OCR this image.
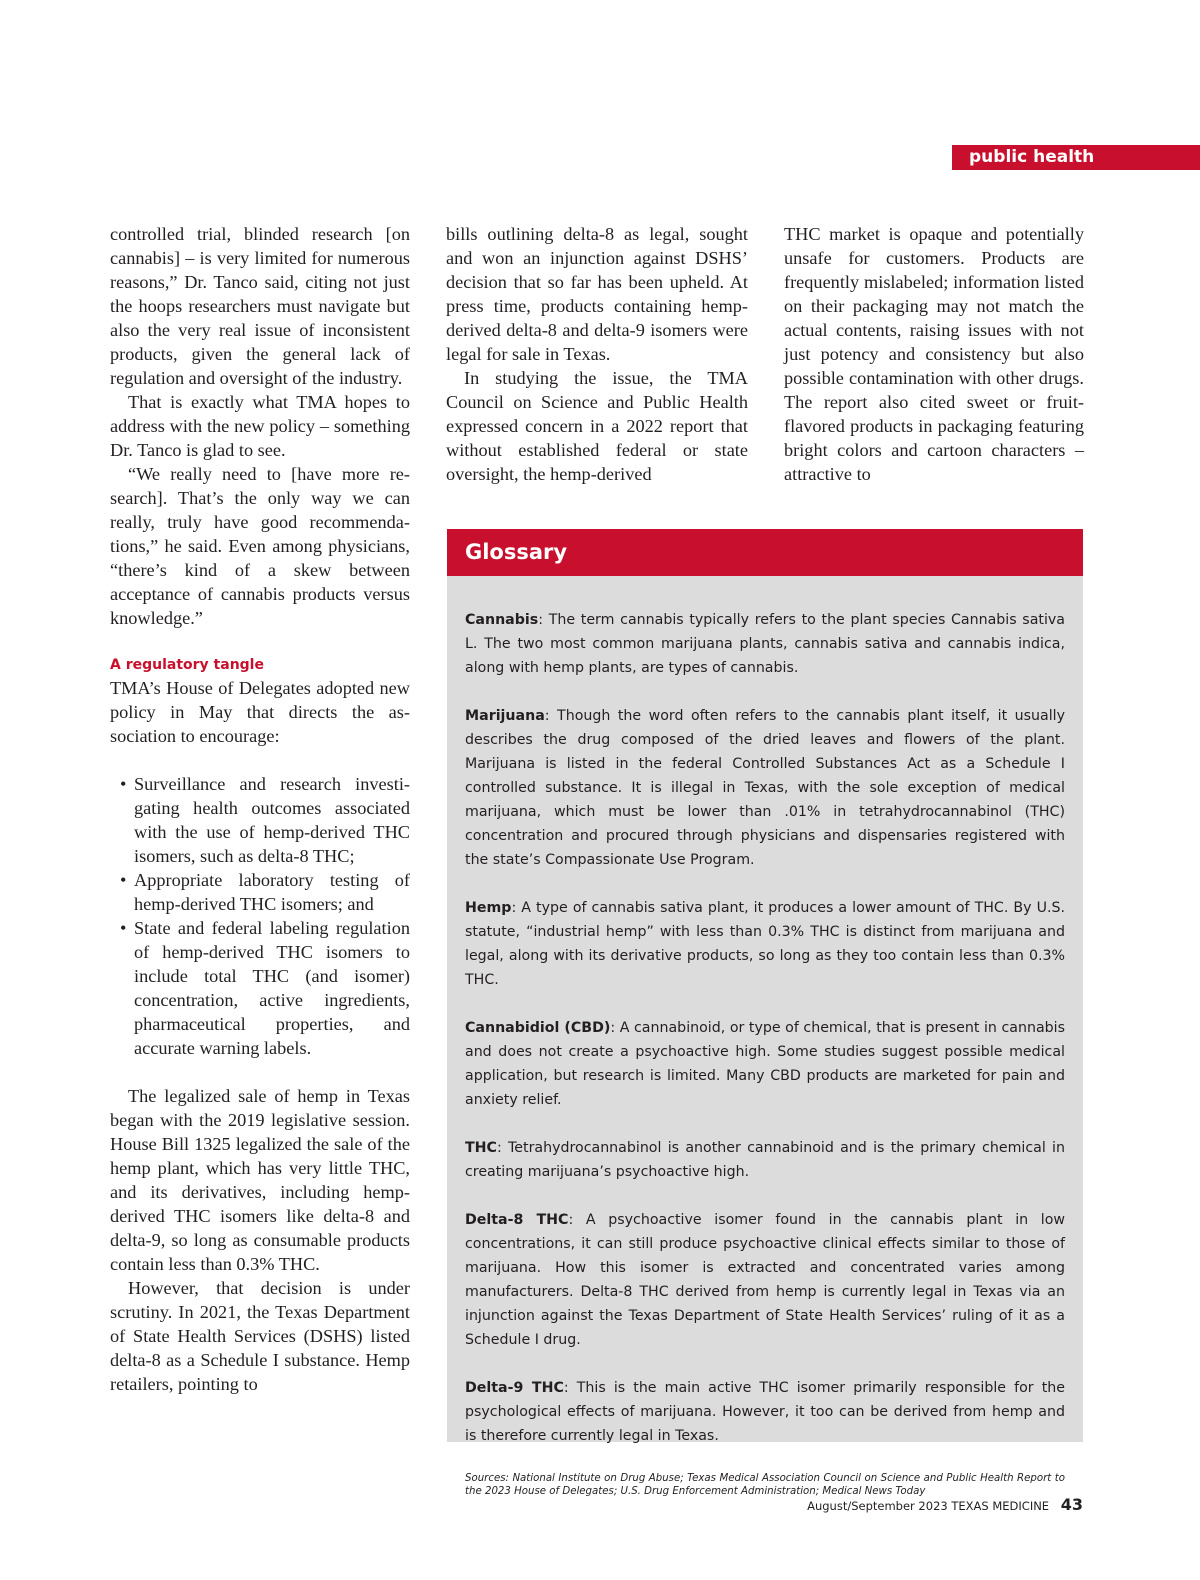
public health

controlled trial, blinded research [on cannabis] – is very limited for numerous reasons,” Dr. Tanco said, citing not just the hoops researchers must navigate but also the very real issue of inconsistent products, given the general lack of regulation and oversight of the industry.

That is exactly what TMA hopes to address with the new policy – something Dr. Tanco is glad to see.

“We really need to [have more research]. That’s the only way we can really, truly have good recommendations,” he said. Even among physicians, “there’s kind of a skew between acceptance of cannabis products versus knowledge.”

A regulatory tangle

TMA’s House of Delegates adopted new policy in May that directs the association to encourage:

• Surveillance and research investigating health outcomes associated with the use of hemp-derived THC isomers, such as delta-8 THC;
• Appropriate laboratory testing of hemp-derived THC isomers; and
• State and federal labeling regulation of hemp-derived THC isomers to include total THC (and isomer) concentration, active ingredients, pharmaceutical properties, and accurate warning labels.

The legalized sale of hemp in Texas began with the 2019 legislative session. House Bill 1325 legalized the sale of the hemp plant, which has very little THC, and its derivatives, including hemp-derived THC isomers like delta-8 and delta-9, so long as consumable products contain less than 0.3% THC.

However, that decision is under scrutiny. In 2021, the Texas Department of State Health Services (DSHS) listed delta-8 as a Schedule I substance. Hemp retailers, pointing to

bills outlining delta-8 as legal, sought and won an injunction against DSHS’ decision that so far has been upheld. At press time, products containing hemp-derived delta-8 and delta-9 isomers were legal for sale in Texas.

In studying the issue, the TMA Council on Science and Public Health expressed concern in a 2022 report that without established federal or state oversight, the hemp-derived

THC market is opaque and potentially unsafe for customers. Products are frequently mislabeled; information listed on their packaging may not match the actual contents, raising issues with not just potency and consistency but also possible contamination with other drugs. The report also cited sweet or fruit-flavored products in packaging featuring bright colors and cartoon characters – attractive to

Glossary

Cannabis: The term cannabis typically refers to the plant species Cannabis sativa L. The two most common marijuana plants, cannabis sativa and cannabis indica, along with hemp plants, are types of cannabis.

Marijuana: Though the word often refers to the cannabis plant itself, it usually describes the drug composed of the dried leaves and flowers of the plant. Marijuana is listed in the federal Controlled Substances Act as a Schedule I controlled substance. It is illegal in Texas, with the sole exception of medical marijuana, which must be lower than .01% in tetrahydrocannabinol (THC) concentration and procured through physicians and dispensaries registered with the state’s Compassionate Use Program.

Hemp: A type of cannabis sativa plant, it produces a lower amount of THC. By U.S. statute, “industrial hemp” with less than 0.3% THC is distinct from marijuana and legal, along with its derivative products, so long as they too contain less than 0.3% THC.

Cannabidiol (CBD): A cannabinoid, or type of chemical, that is present in cannabis and does not create a psychoactive high. Some studies suggest possible medical application, but research is limited. Many CBD products are marketed for pain and anxiety relief.

THC: Tetrahydrocannabinol is another cannabinoid and is the primary chemical in creating marijuana’s psychoactive high.

Delta-8 THC: A psychoactive isomer found in the cannabis plant in low concentrations, it can still produce psychoactive clinical effects similar to those of marijuana. How this isomer is extracted and concentrated varies among manufacturers. Delta-8 THC derived from hemp is currently legal in Texas via an injunction against the Texas Department of State Health Services’ ruling of it as a Schedule I drug.

Delta-9 THC: This is the main active THC isomer primarily responsible for the psychological effects of marijuana. However, it too can be derived from hemp and is therefore currently legal in Texas.

Sources: National Institute on Drug Abuse; Texas Medical Association Council on Science and Public Health Report to the 2023 House of Delegates; U.S. Drug Enforcement Administration; Medical News Today

August/September 2023 TEXAS MEDICINE 43
